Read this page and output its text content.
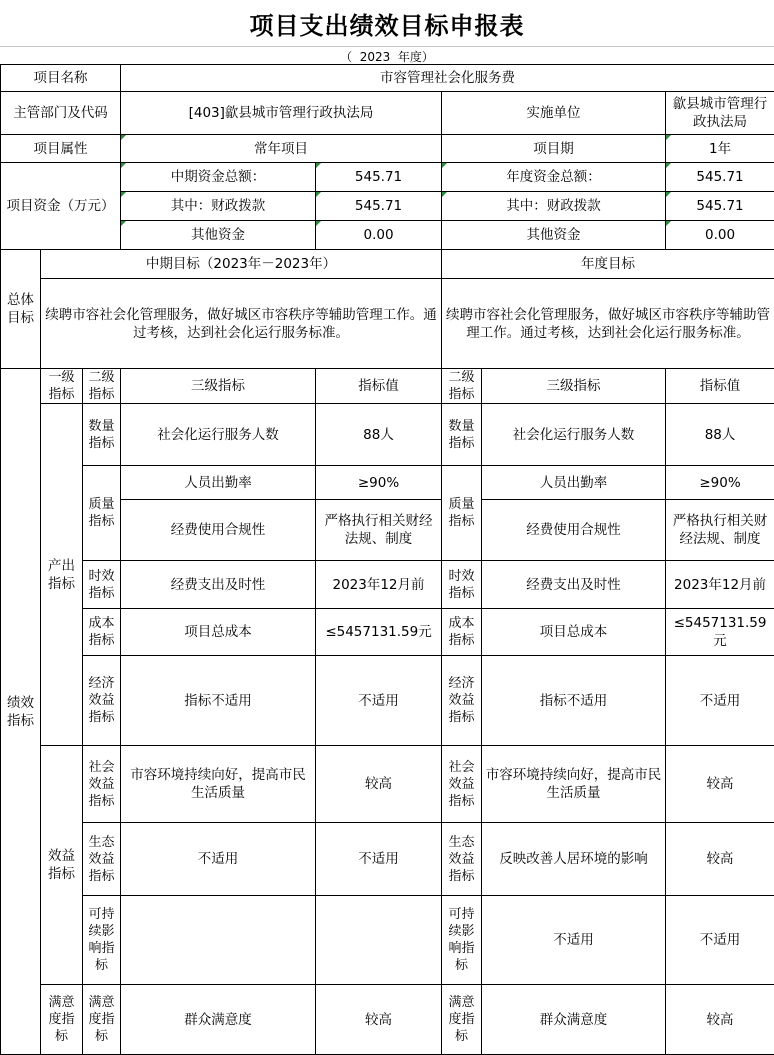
项目支出绩效目标申报表
（  2023  年度）
项目名称			市容管理社会化服务费				
主管部门及代码			[403]歙县城市管理行政执法局		实施单位		歙县城市管理行政执法局
项目属性			常年项目		项目期		1年
项目资金（万元）			中期资金总额：	545.71	年度资金总额：		545.71
			其中：财政拨款	545.71	其中：财政拨款		545.71
			其他资金	0.00	其他资金		0.00
总体目标	中期目标（2023年－2023年）				年度目标		
	续聘市容社会化管理服务，做好城区市容秩序等辅助管理工作。通过考核，达到社会化运行服务标准。				续聘市容社会化管理服务，做好城区市容秩序等辅助管理工作。通过考核，达到社会化运行服务标准。		
绩效指标	一级指标	二级指标	三级指标	指标值	二级指标	三级指标	指标值
	产出指标	数量指标	社会化运行服务人数	88人	数量指标	社会化运行服务人数	88人
		质量指标	人员出勤率	≥90%	质量指标	人员出勤率	≥90%
			经费使用合规性	严格执行相关财经法规、制度		经费使用合规性	严格执行相关财经法规、制度
		时效指标	经费支出及时性	2023年12月前	时效指标	经费支出及时性	2023年12月前
		成本指标	项目总成本	≤5457131.59元	成本指标	项目总成本	≤5457131.59元
		经济效益指标	指标不适用	不适用	经济效益指标	指标不适用	不适用
	效益指标	社会效益指标	市容环境持续向好，提高市民生活质量	较高	社会效益指标	市容环境持续向好，提高市民生活质量	较高
		生态效益指标	不适用	不适用	生态效益指标	反映改善人居环境的影响	较高
		可持续影响指标			可持续影响指标	不适用	不适用
	满意度指标	满意度指标	群众满意度	较高	满意度指标	群众满意度	较高
